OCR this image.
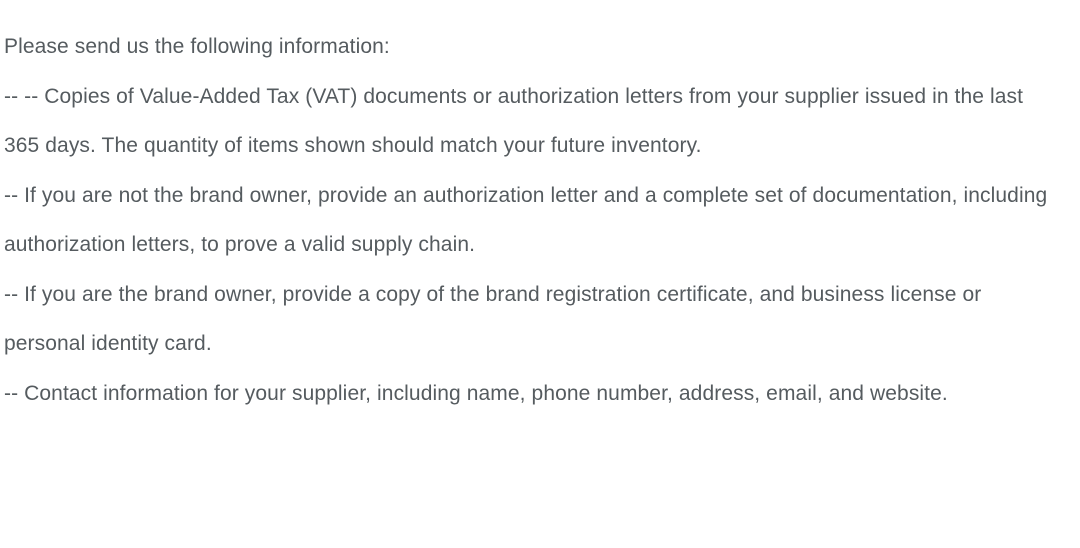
Please send us the following information:

-- -- Copies of Value-Added Tax (VAT) documents or authorization letters from your supplier issued in the last 365 days. The quantity of items shown should match your future inventory.

-- If you are not the brand owner, provide an authorization letter and a complete set of documentation, including authorization letters, to prove a valid supply chain.

-- If you are the brand owner, provide a copy of the brand registration certificate, and business license or personal identity card.

-- Contact information for your supplier, including name, phone number, address, email, and website.
